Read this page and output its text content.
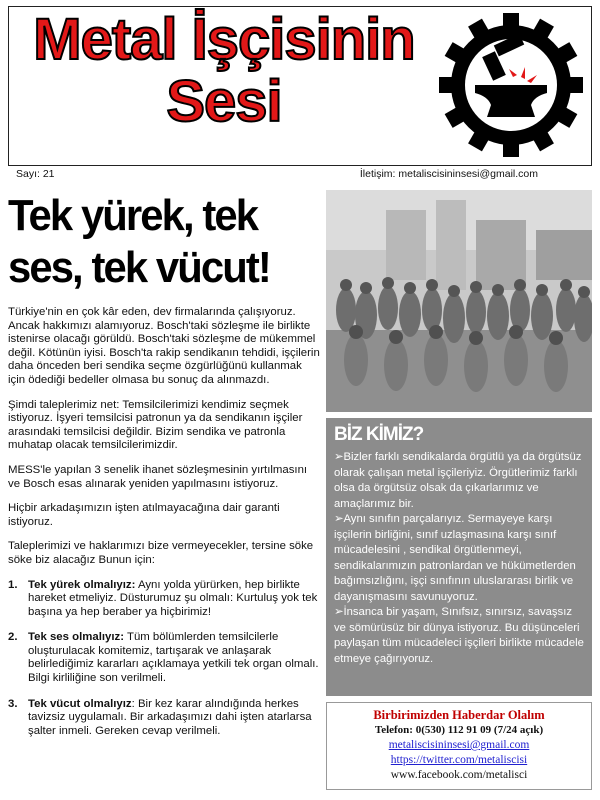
Metal İşçisinin
Sesi
Sayı: 21	İletişim: metaliscisininsesi@gmail.com
Tek yürek, tek ses, tek vücut!

Türkiye'nin en çok kâr eden, dev firmalarında çalışıyoruz. Ancak hakkımızı alamıyoruz. Bosch'taki sözleşme ile birlikte istenirse olacağı görüldü. Bosch'taki sözleşme de mükemmel değil. Kötünün iyisi. Bosch'ta rakip sendikanın tehdidi, işçilerin daha önceden beri sendika seçme özgürlüğünü kullanmak için ödediği bedeller olmasa bu sonuç da alınmazdı.

Şimdi taleplerimiz net: Temsilcilerimizi kendimiz seçmek istiyoruz. İşyeri temsilcisi patronun ya da sendikanın işçiler arasındaki temsilcisi değildir. Bizim sendika ve patronla muhatap olacak temsilcilerimizdir.

MESS'le yapılan 3 senelik ihanet sözleşmesinin yırtılmasını ve Bosch esas alınarak yeniden yapılmasını istiyoruz.

Hiçbir arkadaşımızın işten atılmayacağına dair garanti istiyoruz.

Taleplerimizi ve haklarımızı bize vermeyecekler, tersine söke söke biz alacağız Bunun için:

1. Tek yürek olmalıyız: Aynı yolda yürürken, hep birlikte hareket etmeliyiz. Düsturumuz şu olmalı: Kurtuluş yok tek başına ya hep beraber ya hiçbirimiz!
2. Tek ses olmalıyız: Tüm bölümlerden temsilcilerle oluşturulacak komitemiz, tartışarak ve anlaşarak belirlediğimiz kararları açıklamaya yetkili tek organ olmalı. Bilgi kirliliğine son verilmeli.
3. Tek vücut olmalıyız: Bir kez karar alındığında herkes tavizsiz uygulamalı. Bir arkadaşımızı dahi işten atarlarsa şalter inmeli. Gereken cevap verilmeli.
BİZ KİMİZ?
➢Bizler farklı sendikalarda örgütlü ya da örgütsüz olarak çalışan metal işçileriyiz. Örgütlerimiz farklı olsa da örgütsüz olsak da çıkarlarımız ve amaçlarımız bir.
➢Aynı sınıfın parçalarıyız. Sermayeye karşı işçilerin birliğini, sınıf uzlaşmasına karşı sınıf mücadelesini , sendikal örgütlenmeyi, sendikalarımızın patronlardan ve hükümetlerden bağımsızlığını, işçi sınıfının uluslararası birlik ve dayanışmasını savunuyoruz.
➢İnsanca bir yaşam, Sınıfsız, sınırsız, savaşsız ve sömürüsüz bir dünya istiyoruz. Bu düşünceleri paylaşan tüm mücadeleci işçileri birlikte mücadele etmeye çağırıyoruz.
Birbirimizden Haberdar Olalım
Telefon: 0(530) 112 91 09 (7/24 açık)
metaliscisininsesi@gmail.com
https://twitter.com/metaliscisi
www.facebook.com/metalisci
